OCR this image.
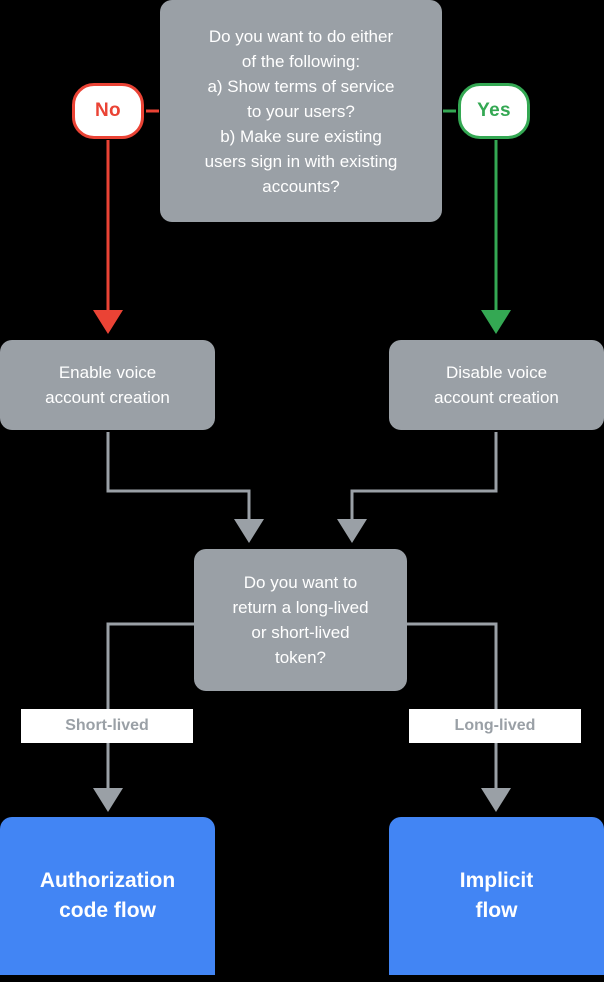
Do you want to do either
of the following:
a) Show terms of service
to your users?
b) Make sure existing
users sign in with existing
accounts?
No	Yes
Enable voice
account creation
Disable voice
account creation
Do you want to
return a long-lived
or short-lived
token?
Short-lived	Long-lived
Authorization
code flow
Implicit
flow
